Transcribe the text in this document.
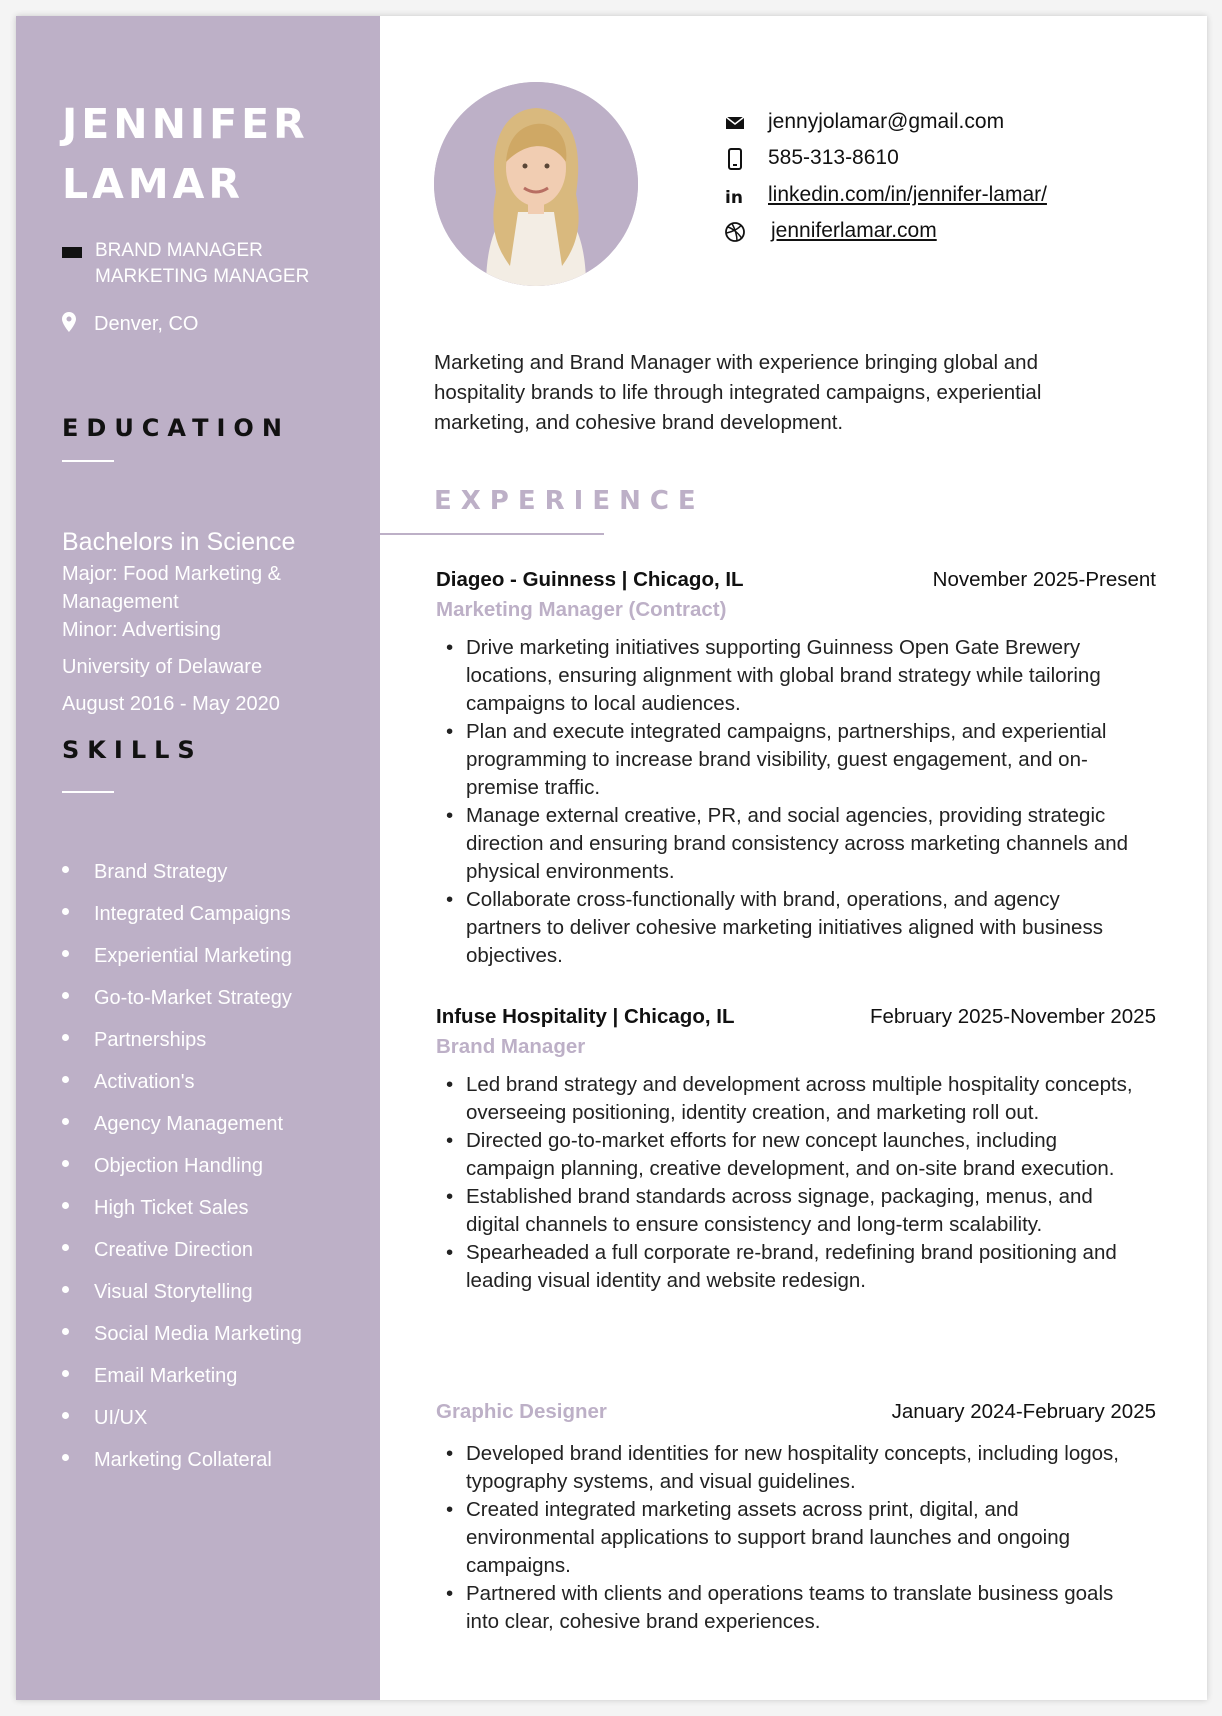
JENNIFER
LAMAR
BRAND MANAGER
MARKETING MANAGER
Denver, CO
EDUCATION
Bachelors in Science
Major: Food Marketing & Management
Minor: Advertising
University of Delaware
August 2016 - May 2020
SKILLS
Brand Strategy
Integrated Campaigns
Experiential Marketing
Go-to-Market Strategy
Partnerships
Activation's
Agency Management
Objection Handling
High Ticket Sales
Creative Direction
Visual Storytelling
Social Media Marketing
Email Marketing
UI/UX
Marketing Collateral
jennyjolamar@gmail.com
585-313-8610
in linkedin.com/in/jennifer-lamar/
jenniferlamar.com
Marketing and Brand Manager with experience bringing global and hospitality brands to life through integrated campaigns, experiential marketing, and cohesive brand development.
EXPERIENCE
Diageo - Guinness | Chicago, IL	November 2025-Present
Marketing Manager (Contract)
• Drive marketing initiatives supporting Guinness Open Gate Brewery locations, ensuring alignment with global brand strategy while tailoring campaigns to local audiences.
• Plan and execute integrated campaigns, partnerships, and experiential programming to increase brand visibility, guest engagement, and on-premise traffic.
• Manage external creative, PR, and social agencies, providing strategic direction and ensuring brand consistency across marketing channels and physical environments.
• Collaborate cross-functionally with brand, operations, and agency partners to deliver cohesive marketing initiatives aligned with business objectives.
Infuse Hospitality | Chicago, IL	February 2025-November 2025
Brand Manager
• Led brand strategy and development across multiple hospitality concepts, overseeing positioning, identity creation, and marketing roll out.
• Directed go-to-market efforts for new concept launches, including campaign planning, creative development, and on-site brand execution.
• Established brand standards across signage, packaging, menus, and digital channels to ensure consistency and long-term scalability.
• Spearheaded a full corporate re-brand, redefining brand positioning and leading visual identity and website redesign.
Graphic Designer	January 2024-February 2025
• Developed brand identities for new hospitality concepts, including logos, typography systems, and visual guidelines.
• Created integrated marketing assets across print, digital, and environmental applications to support brand launches and ongoing campaigns.
• Partnered with clients and operations teams to translate business goals into clear, cohesive brand experiences.
